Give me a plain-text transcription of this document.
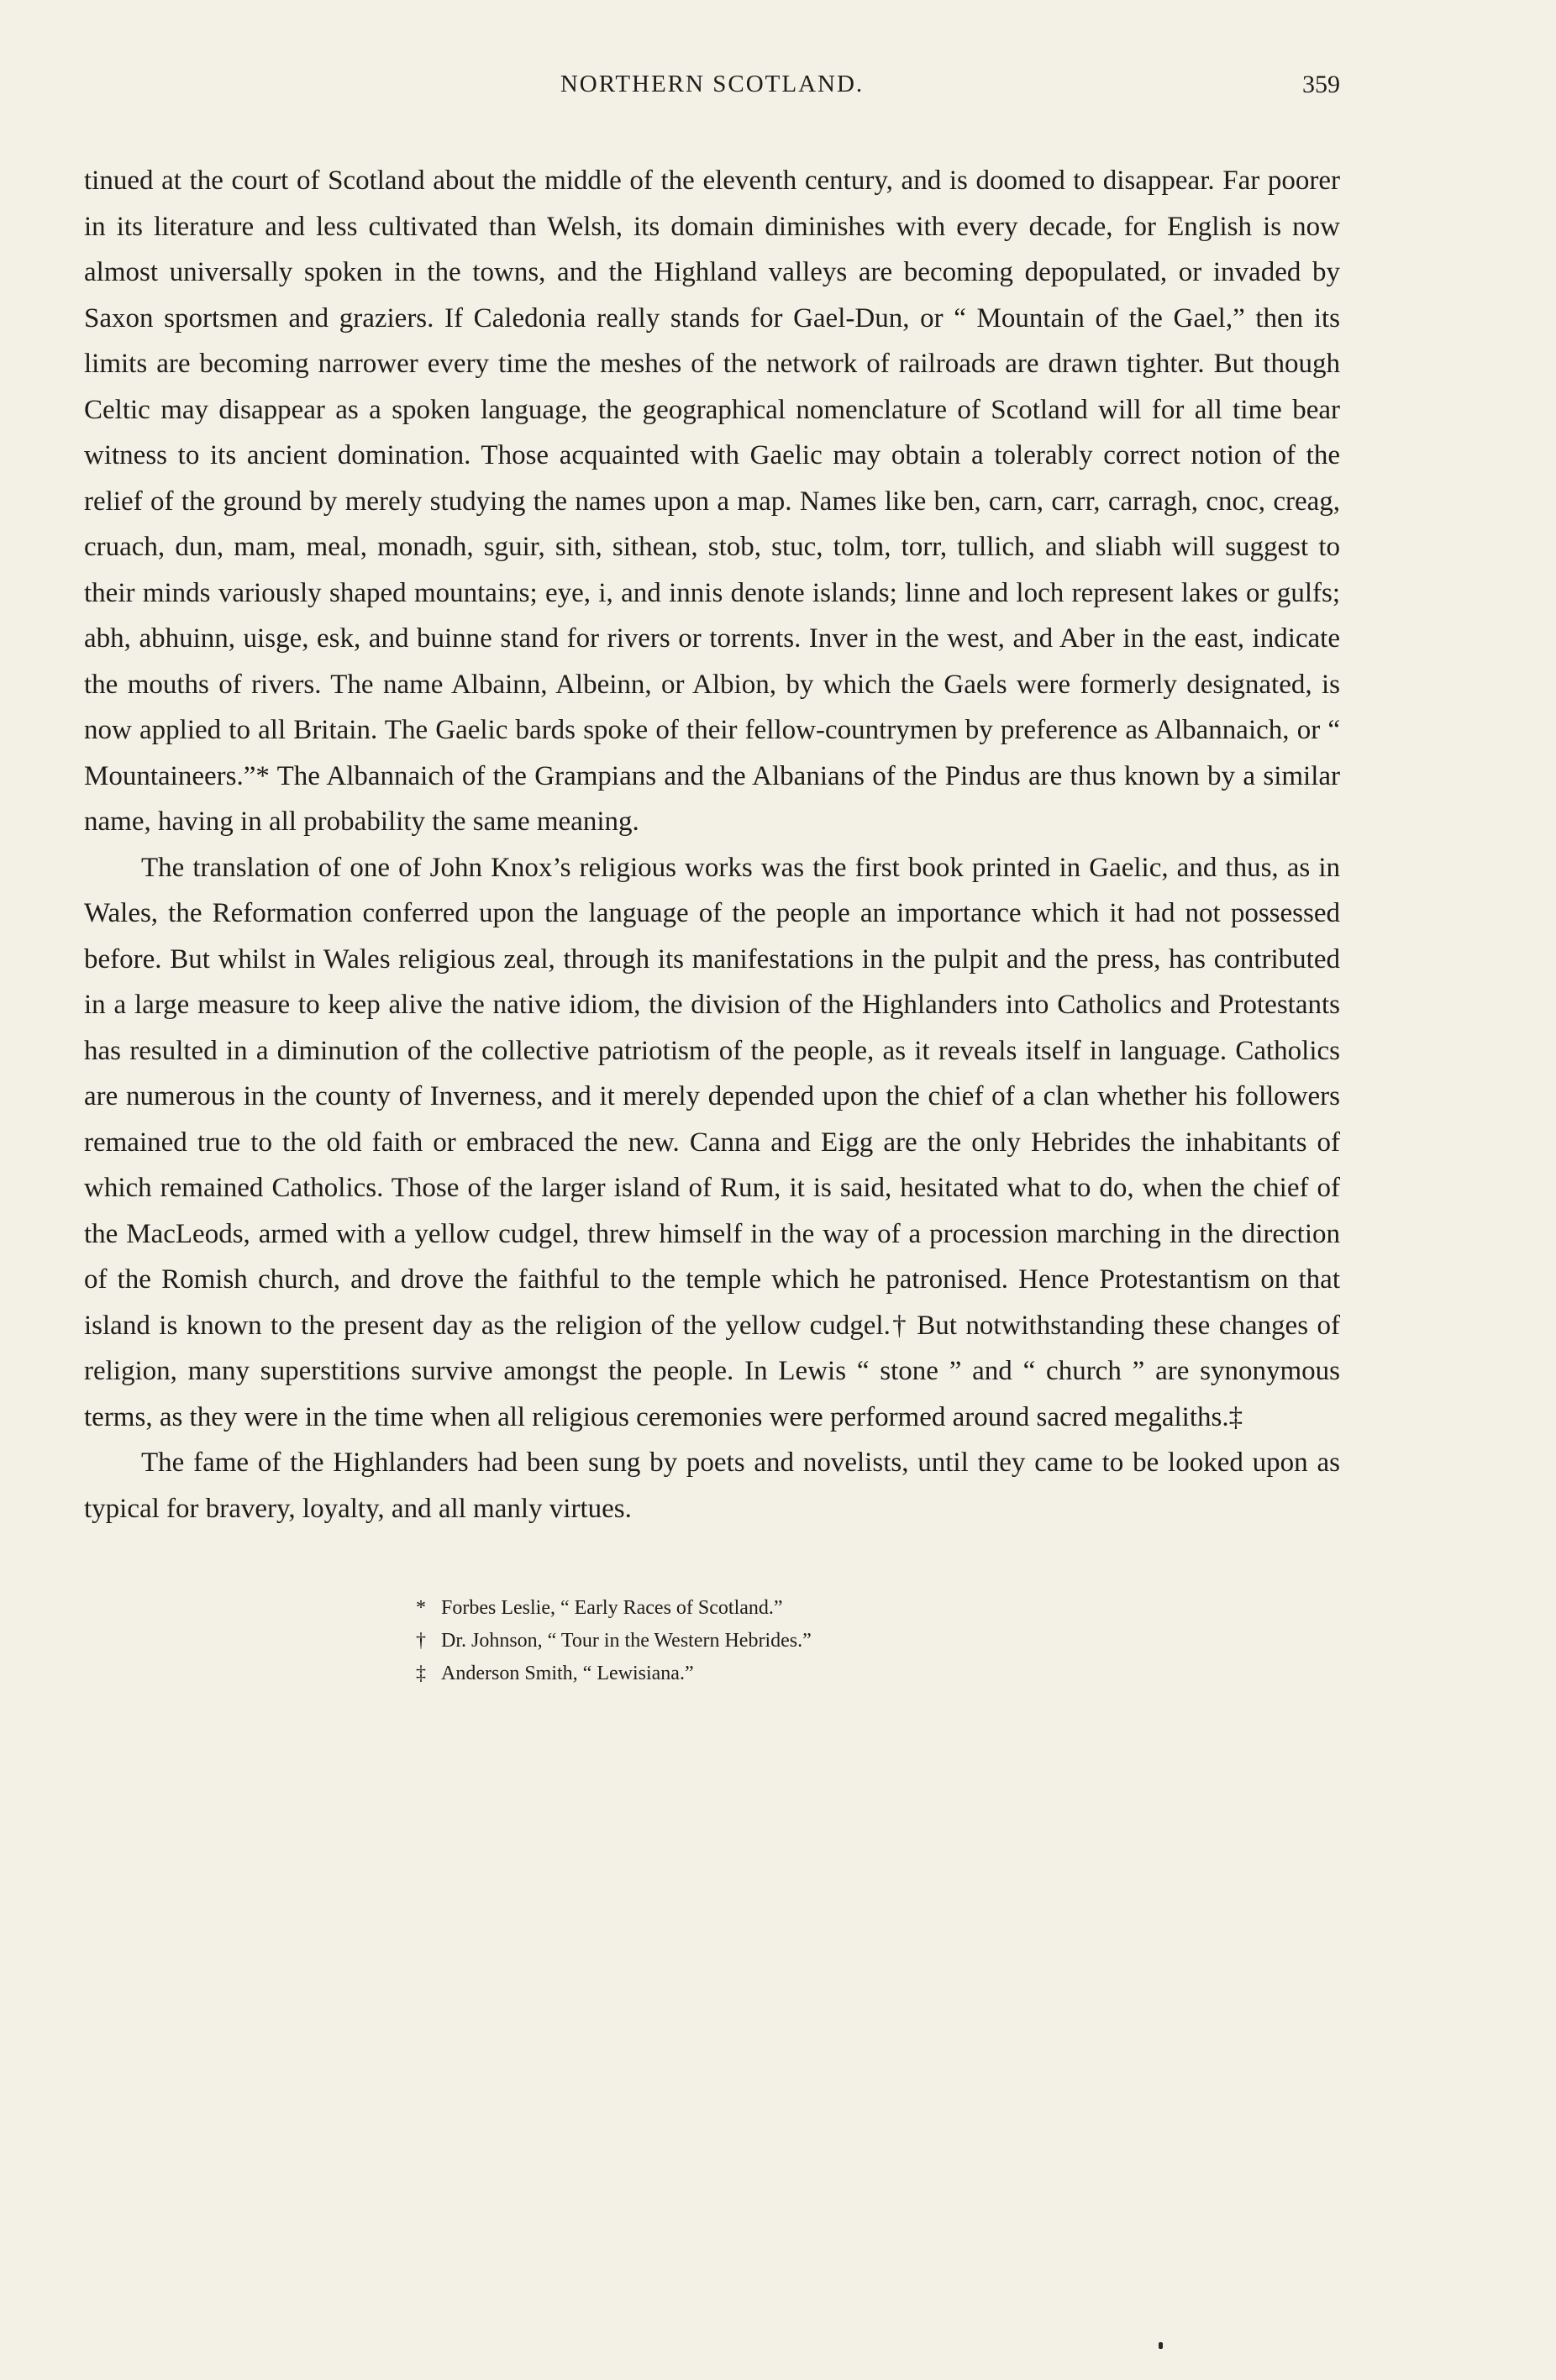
NORTHERN SCOTLAND.	359

tinued at the court of Scotland about the middle of the eleventh century, and is doomed to disappear. Far poorer in its literature and less cultivated than Welsh, its domain diminishes with every decade, for English is now almost universally spoken in the towns, and the Highland valleys are becoming depopulated, or invaded by Saxon sportsmen and graziers. If Caledonia really stands for Gael-Dun, or “ Mountain of the Gael,” then its limits are becoming narrower every time the meshes of the network of railroads are drawn tighter. But though Celtic may disappear as a spoken language, the geographical nomenclature of Scotland will for all time bear witness to its ancient domination. Those acquainted with Gaelic may obtain a tolerably correct notion of the relief of the ground by merely studying the names upon a map. Names like ben, carn, carr, carragh, cnoc, creag, cruach, dun, mam, meal, monadh, sguir, sith, sithean, stob, stuc, tolm, torr, tullich, and sliabh will suggest to their minds variously shaped mountains; eye, i, and innis denote islands; linne and loch represent lakes or gulfs; abh, abhuinn, uisge, esk, and buinne stand for rivers or torrents. Inver in the west, and Aber in the east, indicate the mouths of rivers. The name Albainn, Albeinn, or Albion, by which the Gaels were formerly designated, is now applied to all Britain. The Gaelic bards spoke of their fellow-countrymen by preference as Albannaich, or “ Mountaineers.”* The Albannaich of the Grampians and the Albanians of the Pindus are thus known by a similar name, having in all probability the same meaning.

The translation of one of John Knox’s religious works was the first book printed in Gaelic, and thus, as in Wales, the Reformation conferred upon the language of the people an importance which it had not possessed before. But whilst in Wales religious zeal, through its manifestations in the pulpit and the press, has contributed in a large measure to keep alive the native idiom, the division of the Highlanders into Catholics and Protestants has resulted in a diminution of the collective patriotism of the people, as it reveals itself in language. Catholics are numerous in the county of Inverness, and it merely depended upon the chief of a clan whether his followers remained true to the old faith or embraced the new. Canna and Eigg are the only Hebrides the inhabitants of which remained Catholics. Those of the larger island of Rum, it is said, hesitated what to do, when the chief of the MacLeods, armed with a yellow cudgel, threw himself in the way of a procession marching in the direction of the Romish church, and drove the faithful to the temple which he patronised. Hence Protestantism on that island is known to the present day as the religion of the yellow cudgel.† But notwithstanding these changes of religion, many superstitions survive amongst the people. In Lewis “ stone ” and “ church ” are synonymous terms, as they were in the time when all religious ceremonies were performed around sacred megaliths.‡

The fame of the Highlanders had been sung by poets and novelists, until they came to be looked upon as typical for bravery, loyalty, and all manly virtues.

* Forbes Leslie, “ Early Races of Scotland.”

† Dr. Johnson, “ Tour in the Western Hebrides.”

‡ Anderson Smith, “ Lewisiana.”
